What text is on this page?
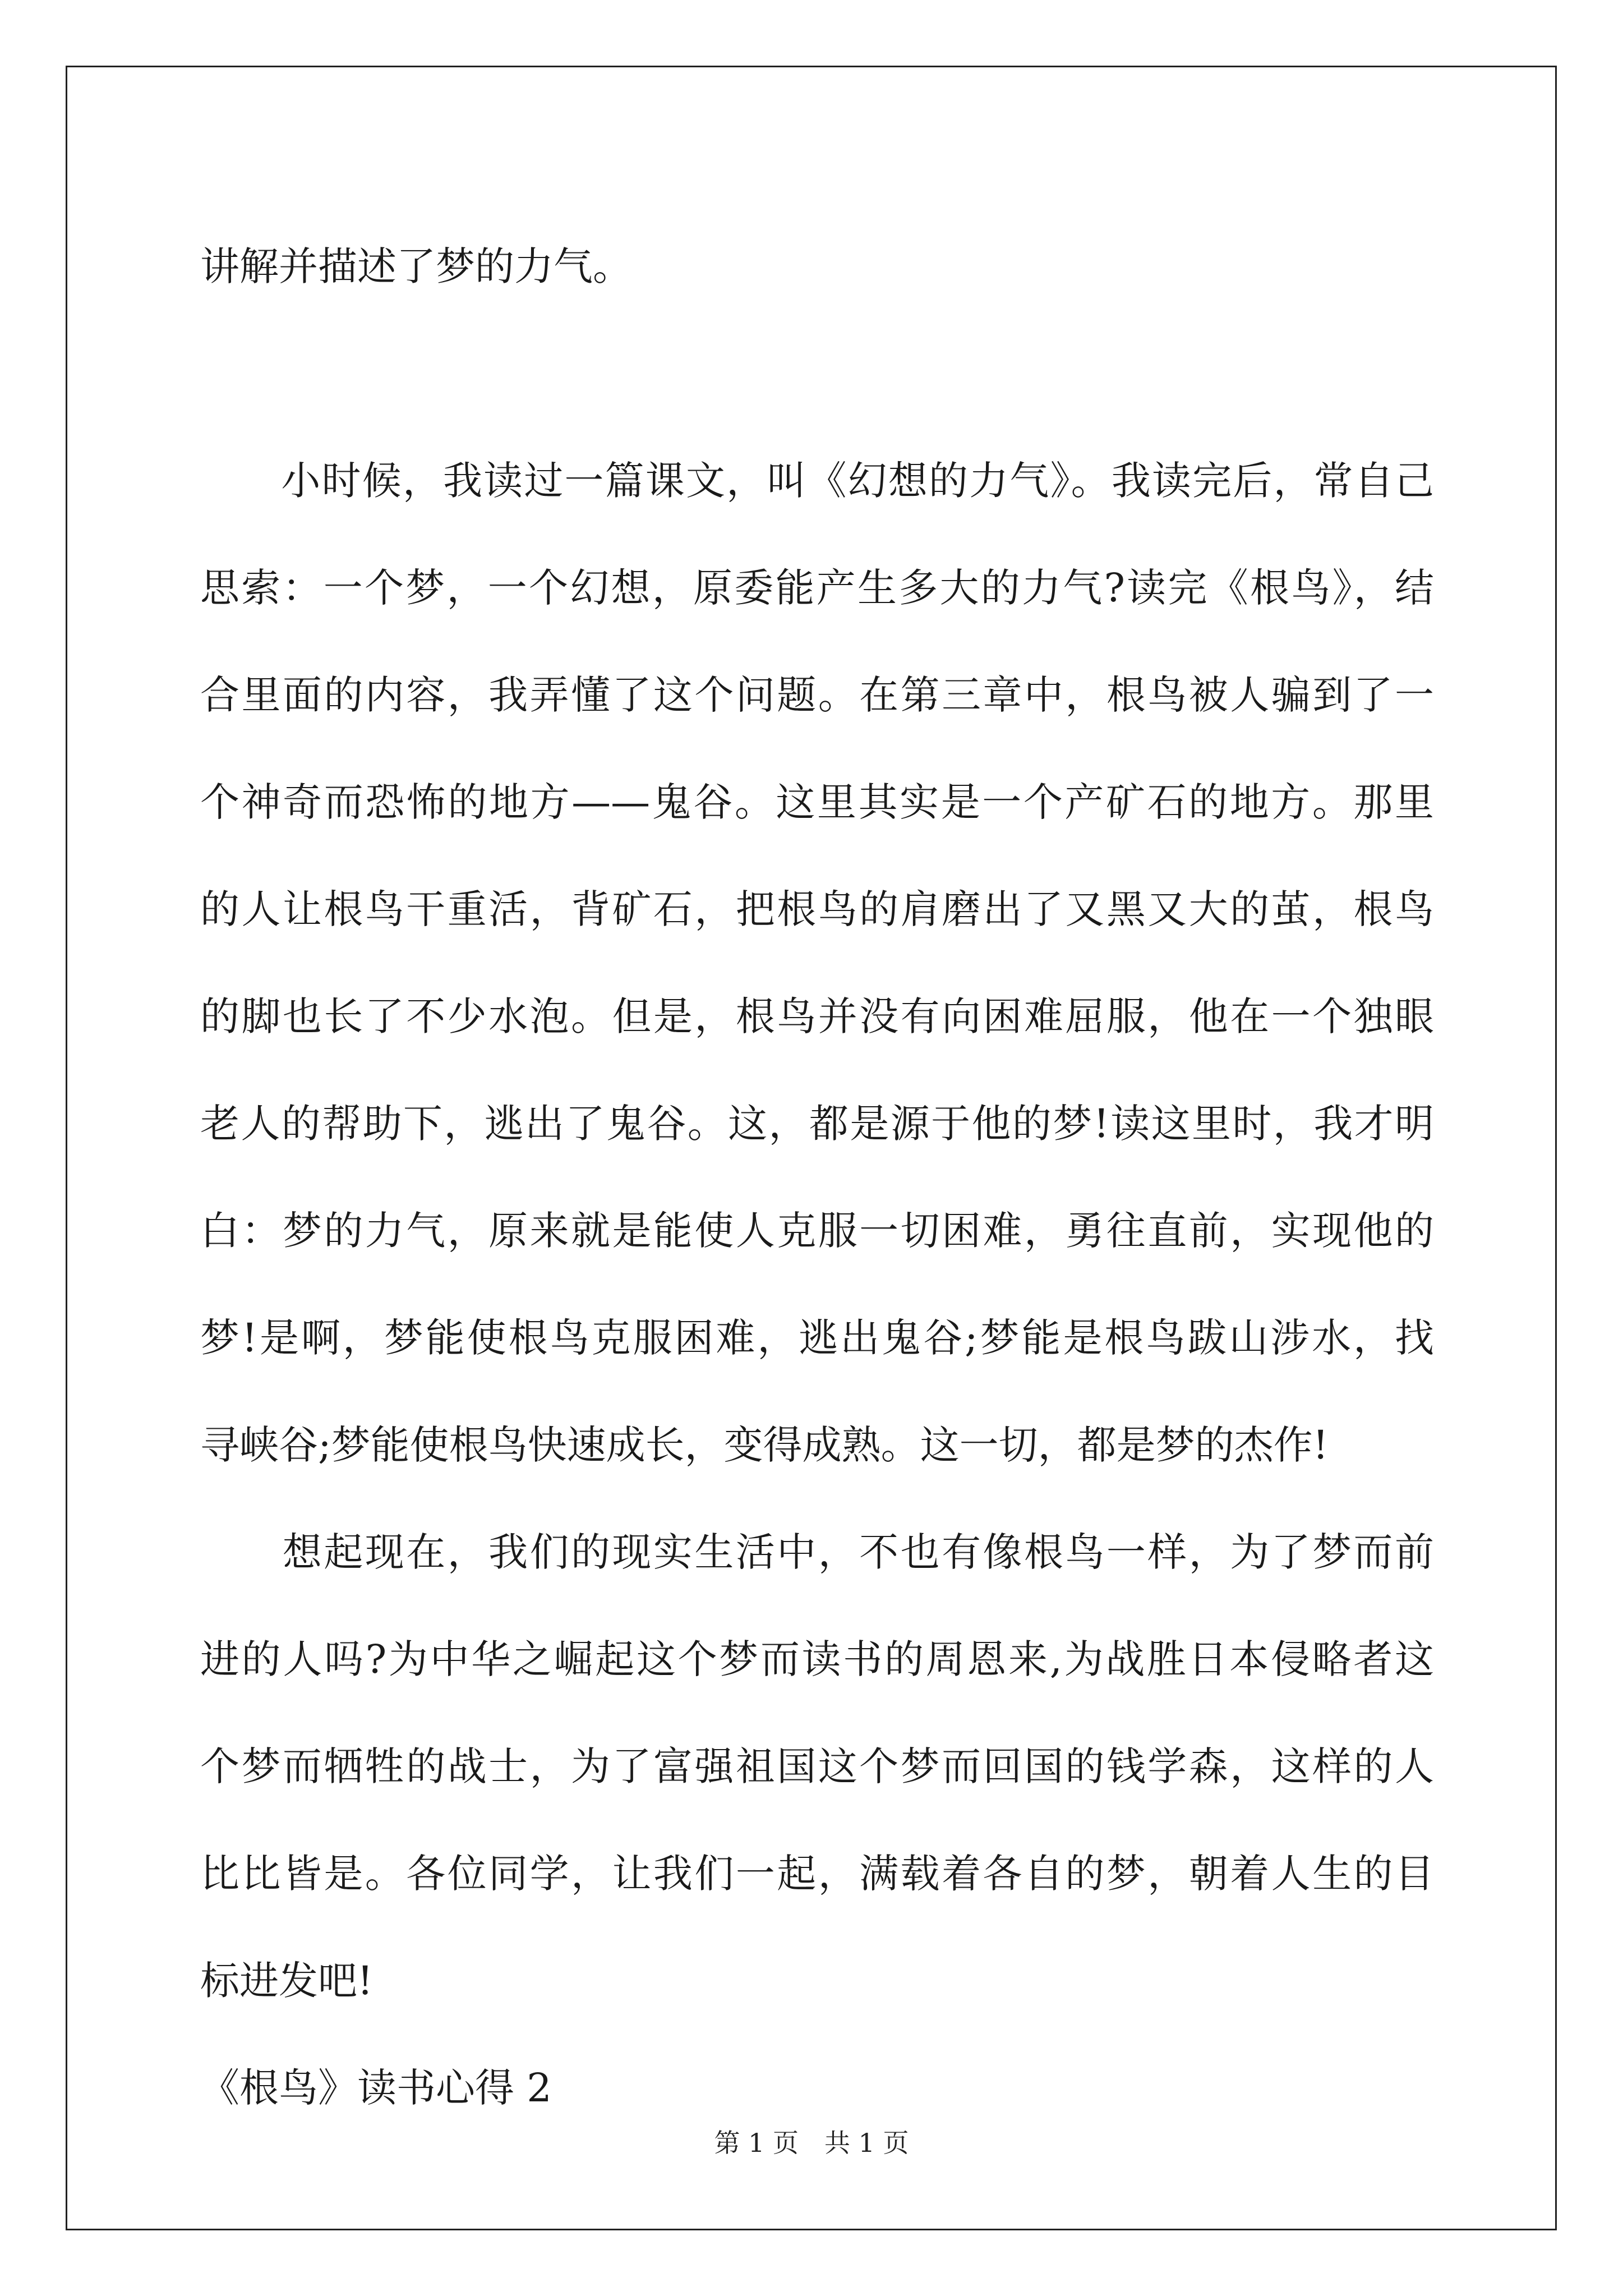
讲解并描述了梦的力气。
　　小时候，我读过一篇课文，叫《幻想的力气》。我读完后，常自己
思索：一个梦，一个幻想，原委能产生多大的力气?读完《根鸟》，结
合里面的内容，我弄懂了这个问题。在第三章中，根鸟被人骗到了一
个神奇而恐怖的地方——鬼谷。这里其实是一个产矿石的地方。那里
的人让根鸟干重活，背矿石，把根鸟的肩磨出了又黑又大的茧，根鸟
的脚也长了不少水泡。但是，根鸟并没有向困难屈服，他在一个独眼
老人的帮助下，逃出了鬼谷。这，都是源于他的梦!读这里时，我才明
白：梦的力气，原来就是能使人克服一切困难，勇往直前，实现他的
梦!是啊，梦能使根鸟克服困难，逃出鬼谷;梦能是根鸟跋山涉水，找
寻峡谷;梦能使根鸟快速成长，变得成熟。这一切，都是梦的杰作!
　　想起现在，我们的现实生活中，不也有像根鸟一样，为了梦而前
进的人吗?为中华之崛起这个梦而读书的周恩来,为战胜日本侵略者这
个梦而牺牲的战士，为了富强祖国这个梦而回国的钱学森，这样的人
比比皆是。各位同学，让我们一起，满载着各自的梦，朝着人生的目
标进发吧!
《根鸟》读书心得 2
第 1 页 共 1 页
